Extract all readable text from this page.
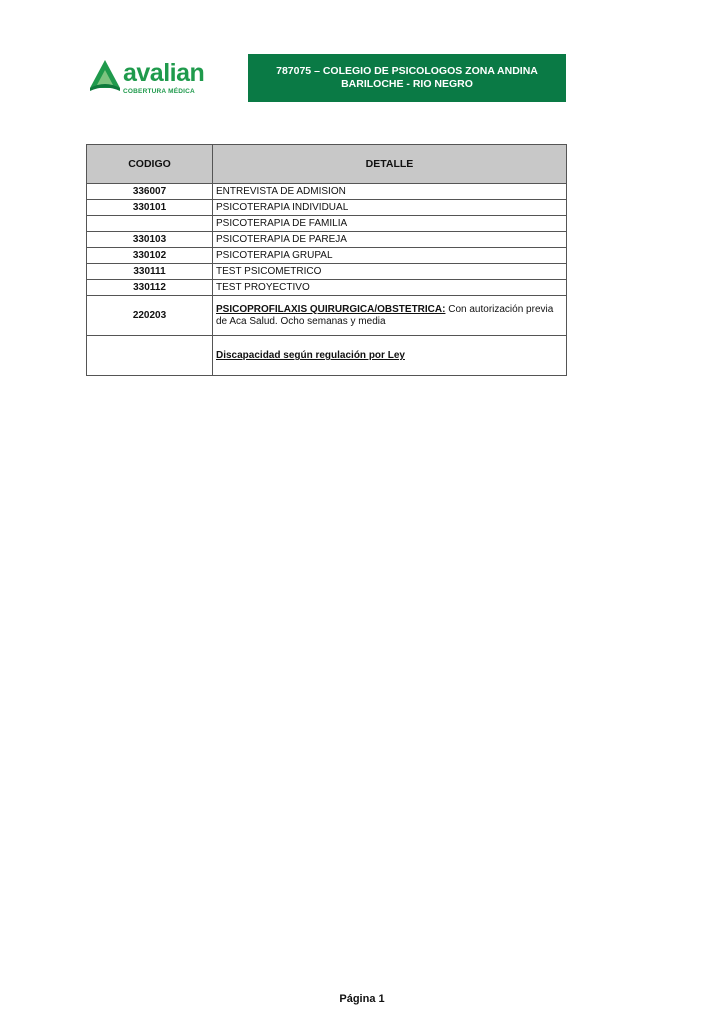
avalian
COBERTURA MÉDICA
787075 – COLEGIO DE PSICOLOGOS ZONA ANDINA
BARILOCHE - RIO NEGRO
CODIGO	DETALLE
336007	ENTREVISTA DE ADMISION
330101	PSICOTERAPIA INDIVIDUAL
	PSICOTERAPIA DE FAMILIA
330103	PSICOTERAPIA DE PAREJA
330102	PSICOTERAPIA GRUPAL
330111	TEST PSICOMETRICO
330112	TEST PROYECTIVO
220203	PSICOPROFILAXIS QUIRURGICA/OBSTETRICA: Con autorización previa de Aca Salud. Ocho semanas y media
	Discapacidad según regulación por Ley
Página 1
